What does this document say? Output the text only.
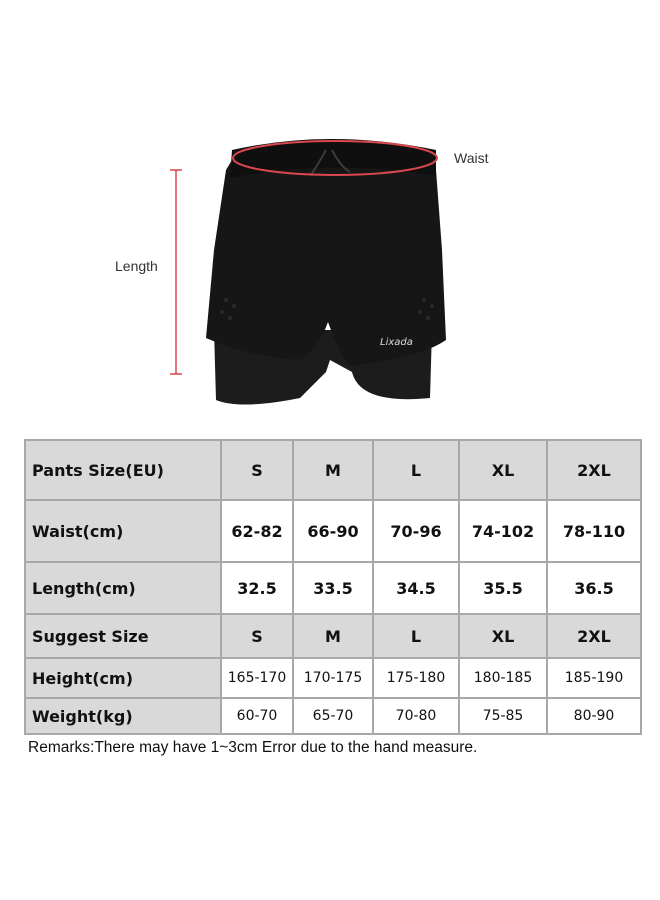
Lixada
Waist
Length
Pants Size(EU)	S	M	L	XL	2XL
Waist(cm)	62-82	66-90	70-96	74-102	78-110
Length(cm)	32.5	33.5	34.5	35.5	36.5
Suggest Size	S	M	L	XL	2XL
Height(cm)	165-170	170-175	175-180	180-185	185-190
Weight(kg)	60-70	65-70	70-80	75-85	80-90
Remarks:There may have 1~3cm Error due to the hand measure.
